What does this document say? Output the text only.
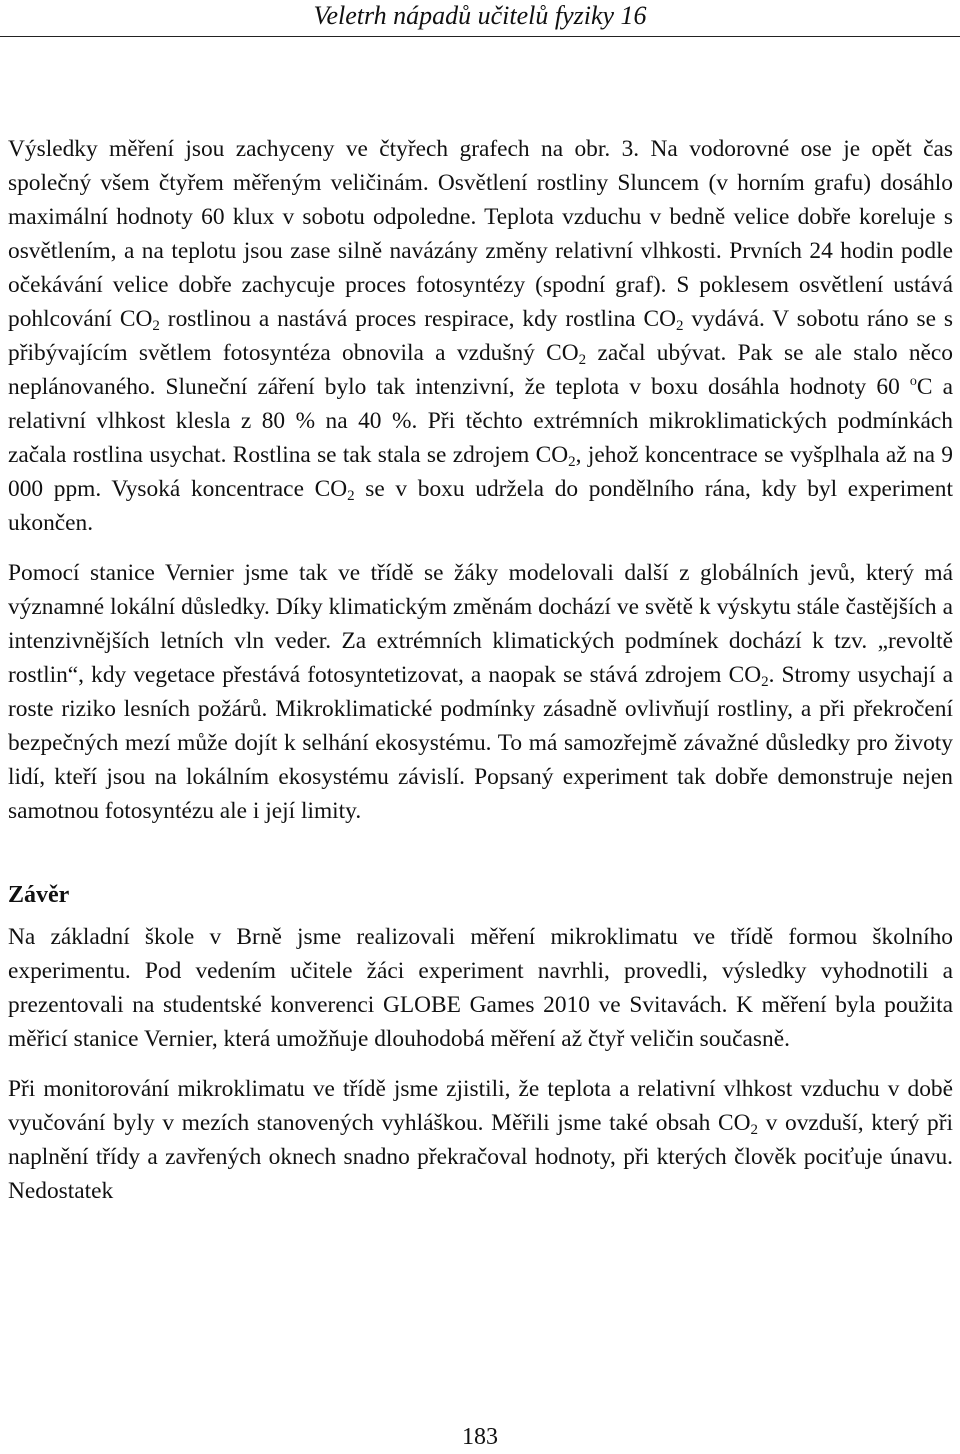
Veletrh nápadů učitelů fyziky 16

Výsledky měření jsou zachyceny ve čtyřech grafech na obr. 3. Na vodorovné ose je opět čas společný všem čtyřem měřeným veličinám. Osvětlení rostliny Sluncem (v horním grafu) dosáhlo maximální hodnoty 60 klux v sobotu odpoledne. Teplota vzduchu v bedně velice dobře koreluje s osvětlením, a na teplotu jsou zase silně navázány změny relativní vlhkosti. Prvních 24 hodin podle očekávání velice dobře zachycuje proces fotosyntézy (spodní graf). S poklesem osvětlení ustává pohlcování $CO_2$ rostlinou a nastává proces respirace, kdy rostlina $CO_2$ vydává. V sobotu ráno se s přibývajícím světlem fotosyntéza obnovila a vzdušný $CO_2$ začal ubývat. Pak se ale stalo něco neplánovaného. Sluneční záření bylo tak intenzivní, že teplota v boxu dosáhla hodnoty 60 $^o$C a relativní vlhkost klesla z 80 % na 40 %. Při těchto extrémních mikroklimatických podmínkách začala rostlina usychat. Rostlina se tak stala se zdrojem $CO_2$, jehož koncentrace se vyšplhala až na 9 000 ppm. Vysoká koncentrace $CO_2$ se v boxu udržela do pondělního rána, kdy byl experiment ukončen.

Pomocí stanice Vernier jsme tak ve třídě se žáky modelovali další z globálních jevů, který má významné lokální důsledky. Díky klimatickým změnám dochází ve světě k výskytu stále častějších a intenzivnějších letních vln veder. Za extrémních klimatických podmínek dochází k tzv. „revoltě rostlin“, kdy vegetace přestává fotosyntetizovat, a naopak se stává zdrojem $CO_2$. Stromy usychají a roste riziko lesních požárů. Mikroklimatické podmínky zásadně ovlivňují rostliny, a při překročení bezpečných mezí může dojít k selhání ekosystému. To má samozřejmě závažné důsledky pro životy lidí, kteří jsou na lokálním ekosystému závislí. Popsaný experiment tak dobře demonstruje nejen samotnou fotosyntézu ale i její limity.

Závěr

Na základní škole v Brně jsme realizovali měření mikroklimatu ve třídě formou školního experimentu. Pod vedením učitele žáci experiment navrhli, provedli, výsledky vyhodnotili a prezentovali na studentské konverenci GLOBE Games 2010 ve Svitavách. K měření byla použita měřicí stanice Vernier, která umožňuje dlouhodobá měření až čtyř veličin současně.

Při monitorování mikroklimatu ve třídě jsme zjistili, že teplota a relativní vlhkost vzduchu v době vyučování byly v mezích stanovených vyhláškou. Měřili jsme také obsah $CO_2$ v ovzduší, který při naplnění třídy a zavřených oknech snadno překračoval hodnoty, při kterých člověk pociťuje únavu. Nedostatek

183
